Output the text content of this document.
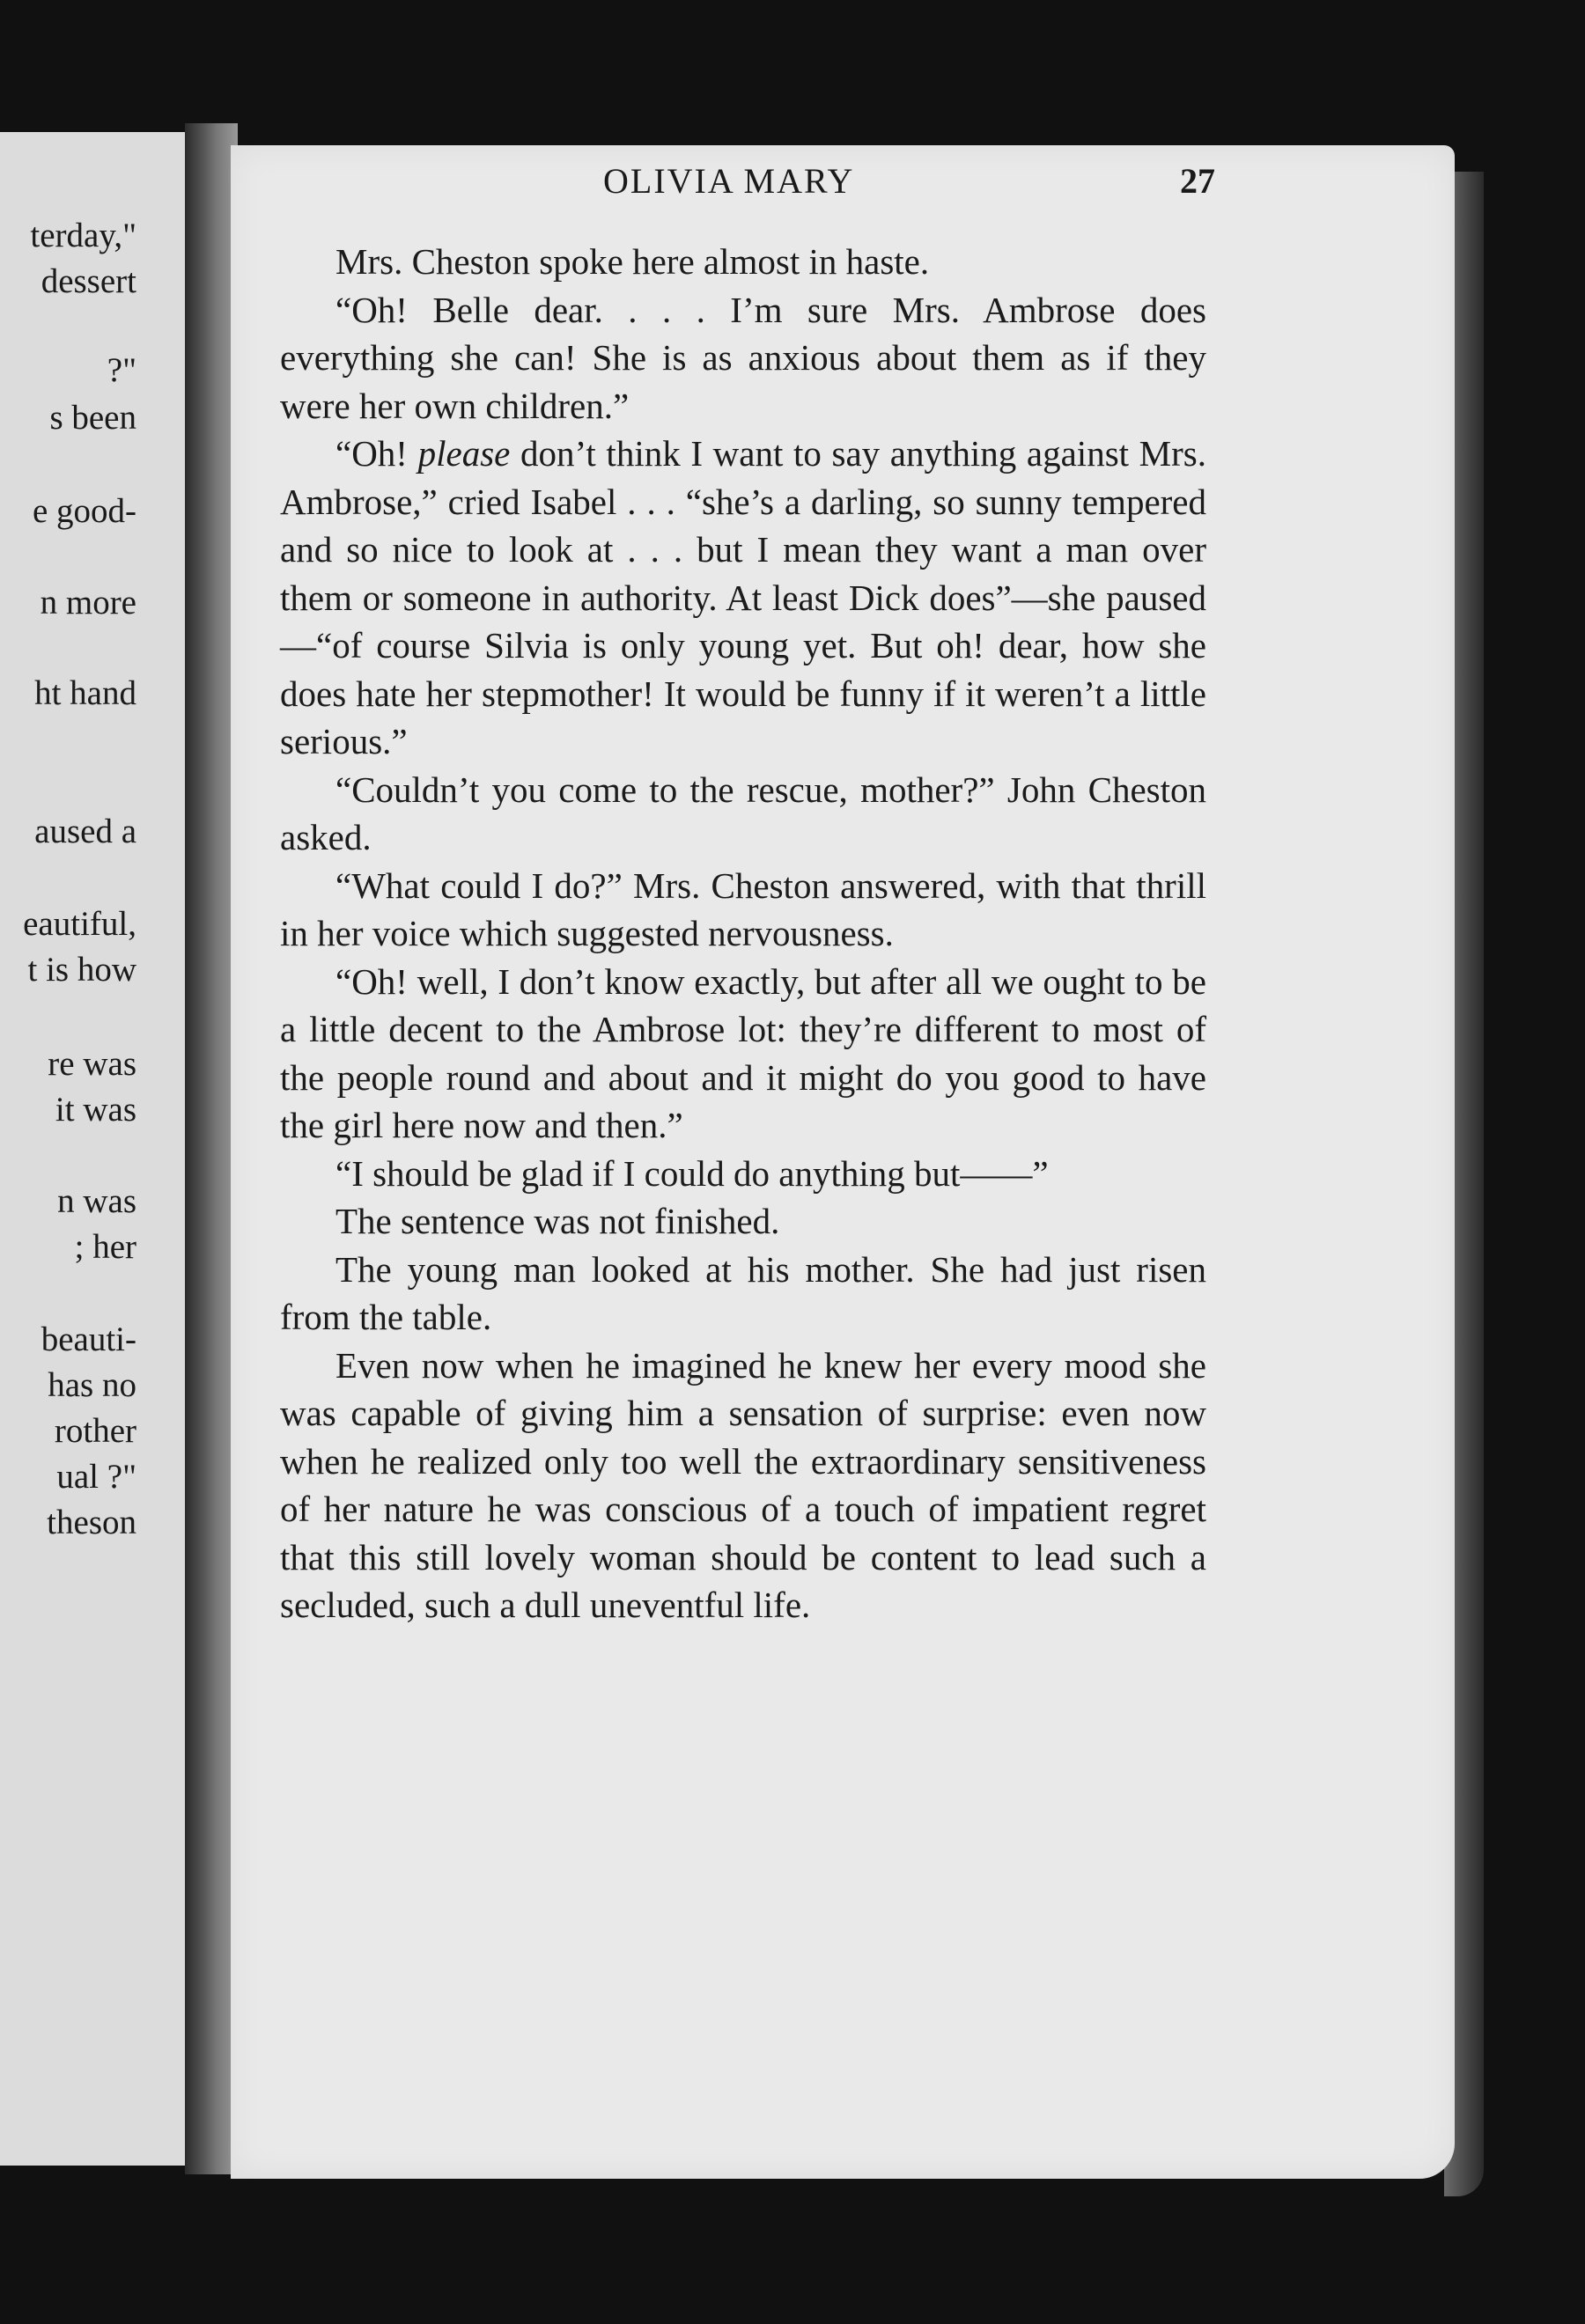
terday,"
dessert
?"
s been
e good-
n more
ht hand
aused a
eautiful,
t is how
re was
it was
n was
; her
beauti-
has no
rother
ual ?"
theson
OLIVIA MARY	27

Mrs. Cheston spoke here almost in haste.

“Oh! Belle dear. . . . I’m sure Mrs. Ambrose does everything she can! She is as anxious about them as if they were her own children.”

“Oh! please don’t think I want to say anything against Mrs. Ambrose,” cried Isabel . . . “she’s a darling, so sunny tempered and so nice to look at . . . but I mean they want a man over them or someone in authority. At least Dick does”—she paused—“of course Silvia is only young yet. But oh! dear, how she does hate her stepmother! It would be funny if it weren’t a little serious.”

“Couldn’t you come to the rescue, mother?” John Cheston asked.

“What could I do?” Mrs. Cheston answered, with that thrill in her voice which suggested nervousness.

“Oh! well, I don’t know exactly, but after all we ought to be a little decent to the Ambrose lot: they’re different to most of the people round and about and it might do you good to have the girl here now and then.”

“I should be glad if I could do anything but——”

The sentence was not finished.

The young man looked at his mother. She had just risen from the table.

Even now when he imagined he knew her every mood she was capable of giving him a sensation of surprise: even now when he realized only too well the extraordinary sensitiveness of her nature he was conscious of a touch of impatient regret that this still lovely woman should be content to lead such a secluded, such a dull uneventful life.
